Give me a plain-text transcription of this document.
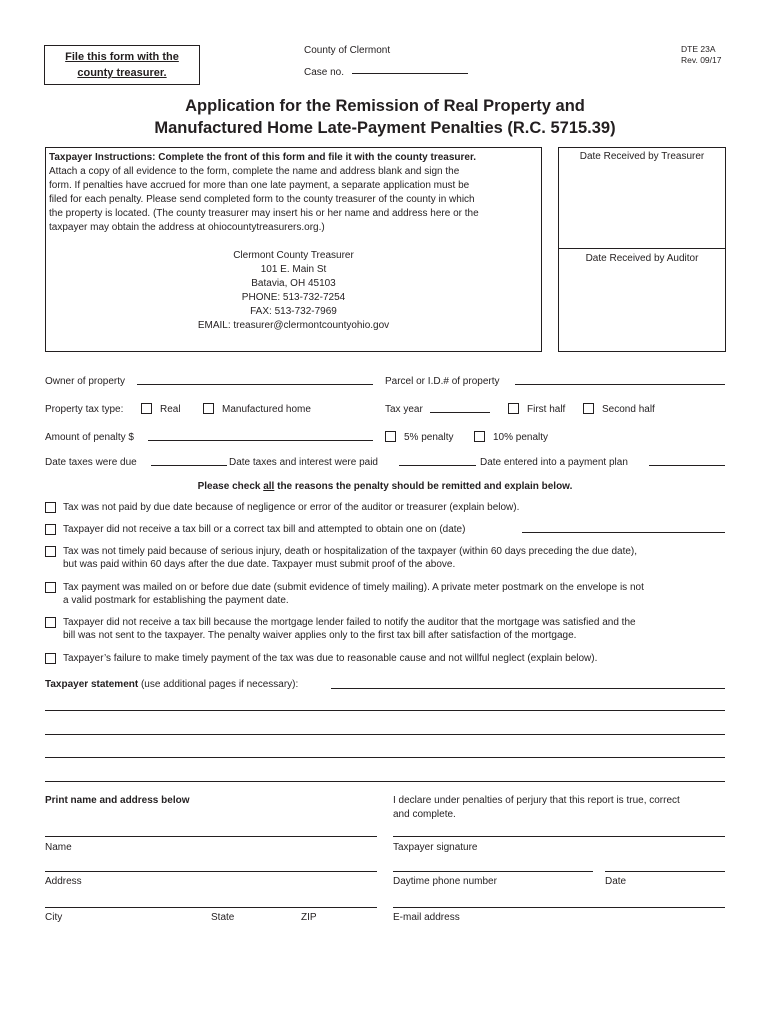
File this form with the
county treasurer.
County of Clermont
Case no.
DTE 23A
Rev. 09/17
Application for the Remission of Real Property and
Manufactured Home Late-Payment Penalties (R.C. 5715.39)
Taxpayer Instructions: Complete the front of this form and file it with the county treasurer.
Attach a copy of all evidence to the form, complete the name and address blank and sign the
form. If penalties have accrued for more than one late payment, a separate application must be
filed for each penalty. Please send completed form to the county treasurer of the county in which
the property is located. (The county treasurer may insert his or her name and address here or the
taxpayer may obtain the address at ohiocountytreasurers.org.)
Clermont County Treasurer
101 E. Main St
Batavia, OH 45103
PHONE: 513-732-7254
FAX: 513-732-7969
EMAIL: treasurer@clermontcountyohio.gov
Date Received by Treasurer
Date Received by Auditor
Owner of property	Parcel or I.D.# of property
Property tax type:	Real	Manufactured home	Tax year	First half	Second half
Amount of penalty $	5% penalty	10% penalty
Date taxes were due	Date taxes and interest were paid	Date entered into a payment plan
Please check all the reasons the penalty should be remitted and explain below.
Tax was not paid by due date because of negligence or error of the auditor or treasurer (explain below).
Taxpayer did not receive a tax bill or a correct tax bill and attempted to obtain one on (date)
Tax was not timely paid because of serious injury, death or hospitalization of the taxpayer (within 60 days preceding the due date),
but was paid within 60 days after the due date. Taxpayer must submit proof of the above.
Tax payment was mailed on or before due date (submit evidence of timely mailing). A private meter postmark on the envelope is not
a valid postmark for establishing the payment date.
Taxpayer did not receive a tax bill because the mortgage lender failed to notify the auditor that the mortgage was satisfied and the
bill was not sent to the taxpayer. The penalty waiver applies only to the first tax bill after satisfaction of the mortgage.
Taxpayer’s failure to make timely payment of the tax was due to reasonable cause and not willful neglect (explain below).
Taxpayer statement (use additional pages if necessary):
Print name and address below	I declare under penalties of perjury that this report is true, correct
and complete.
Name	Taxpayer signature
Address	Daytime phone number	Date
City	State	ZIP	E-mail address
